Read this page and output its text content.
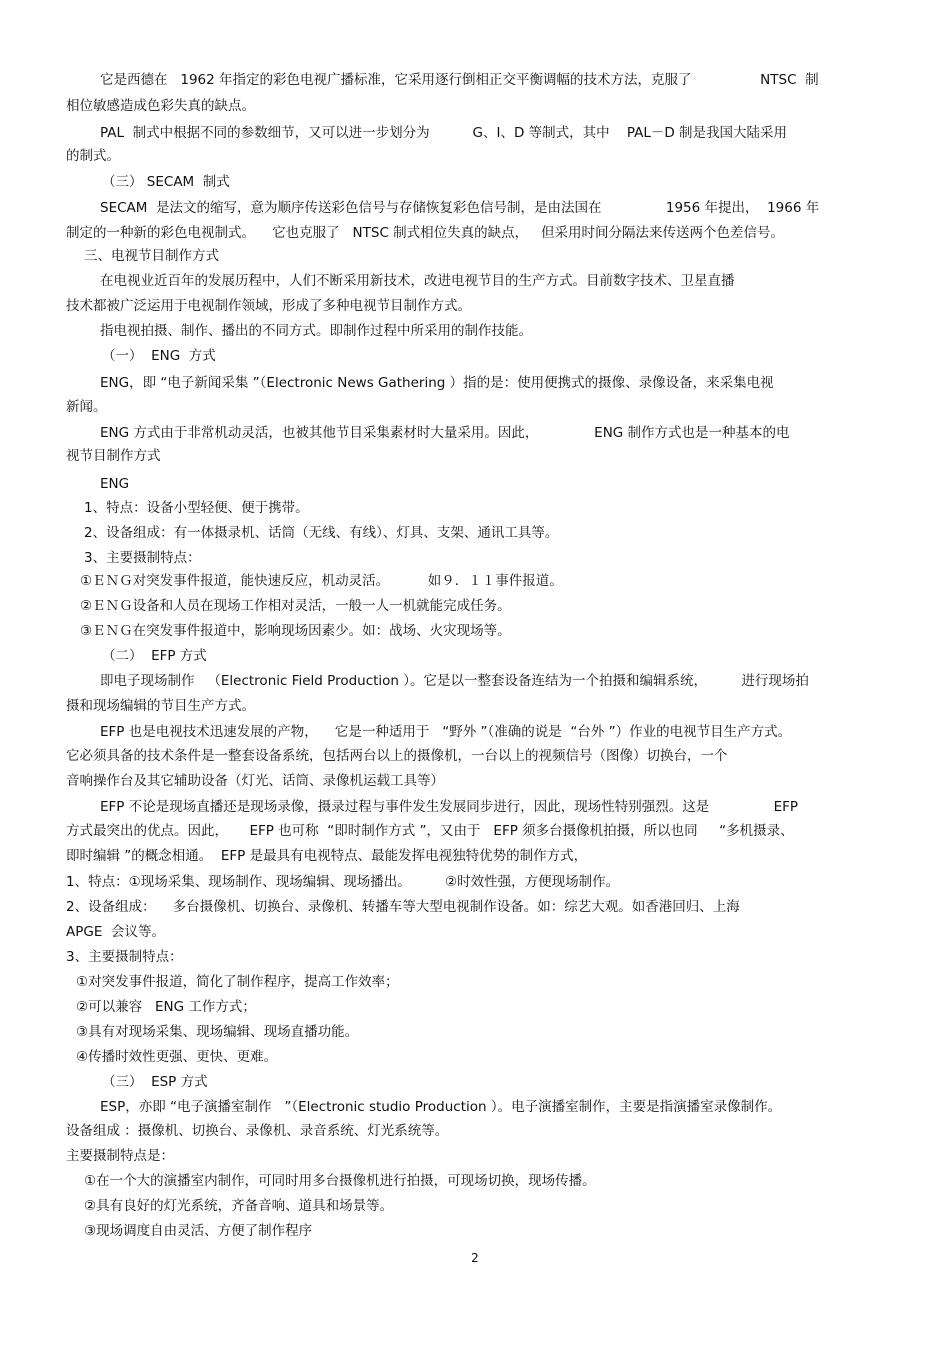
它是西德在   1962 年指定的彩色电视广播标准，它采用逐行倒相正交平衡调幅的技术方法，克服了                NTSC  制
相位敏感造成色彩失真的缺点。
PAL  制式中根据不同的参数细节，又可以进一步划分为          G、I、D 等制式，其中    PAL－D 制是我国大陆采用
的制式。
（三） SECAM  制式
SECAM  是法文的缩写，意为顺序传送彩色信号与存储恢复彩色信号制，是由法国在               1956 年提出，  1966 年
制定的一种新的彩色电视制式。    它也克服了   NTSC 制式相位失真的缺点，   但采用时间分隔法来传送两个色差信号。
三、电视节目制作方式
在电视业近百年的发展历程中，人们不断采用新技术，改进电视节目的生产方式。目前数字技术、卫星直播
技术都被广泛运用于电视制作领域，形成了多种电视节目制作方式。
指电视拍摄、制作、播出的不同方式。即制作过程中所采用的制作技能。
（一）  ENG  方式
ENG，即 “电子新闻采集 ”（Electronic News Gathering ）指的是：使用便携式的摄像、录像设备，来采集电视
新闻。
ENG 方式由于非常机动灵活，也被其他节目采集素材时大量采用。因此，             ENG 制作方式也是一种基本的电
视节目制作方式
ENG
1、特点：设备小型轻便、便于携带。
2、设备组成：有一体摄录机、话筒（无线、有线）、灯具、支架、通讯工具等。
3、主要摄制特点：
①ＥＮＧ对突发事件报道，能快速反应，机动灵活。         如９．１１事件报道。
②ＥＮＧ设备和人员在现场工作相对灵活，一般一人一机就能完成任务。
③ＥＮＧ在突发事件报道中，影响现场因素少。如：战场、火灾现场等。
（二）  EFP 方式
即电子现场制作   （Electronic Field Production ）。它是以一整套设备连结为一个拍摄和编辑系统，        进行现场拍
摄和现场编辑的节目生产方式。
EFP 也是电视技术迅速发展的产物，    它是一种适用于   “野外 ”（准确的说是  “台外 ”）作业的电视节目生产方式。
它必须具备的技术条件是一整套设备系统，包括两台以上的摄像机，一台以上的视频信号（图像）切换台，一个
音响操作台及其它辅助设备（灯光、话筒、录像机运载工具等）
EFP 不论是现场直播还是现场录像，摄录过程与事件发生发展同步进行，因此，现场性特别强烈。这是               EFP
方式最突出的优点。因此，     EFP 也可称  “即时制作方式 ”，又由于   EFP 须多台摄像机拍摄，所以也同     “多机摄录、
即时编辑 ”的概念相通。  EFP 是最具有电视特点、最能发挥电视独特优势的制作方式，
1、特点：①现场采集、现场制作、现场编辑、现场播出。        ②时效性强，方便现场制作。
2、设备组成：    多台摄像机、切换台、录像机、转播车等大型电视制作设备。如：综艺大观。如香港回归、上海
APGE  会议等。
3、主要摄制特点：
①对突发事件报道，简化了制作程序，提高工作效率；
②可以兼容   ENG 工作方式；
③具有对现场采集、现场编辑、现场直播功能。
④传播时效性更强、更快、更难。
（三）  ESP 方式
ESP，亦即 “电子演播室制作   ”（Electronic studio Production ）。电子演播室制作，主要是指演播室录像制作。
设备组成 ：摄像机、切换台、录像机、录音系统、灯光系统等。
主要摄制特点是：
①在一个大的演播室内制作，可同时用多台摄像机进行拍摄，可现场切换，现场传播。
②具有良好的灯光系统，齐备音响、道具和场景等。
③现场调度自由灵活、方便了制作程序
2
